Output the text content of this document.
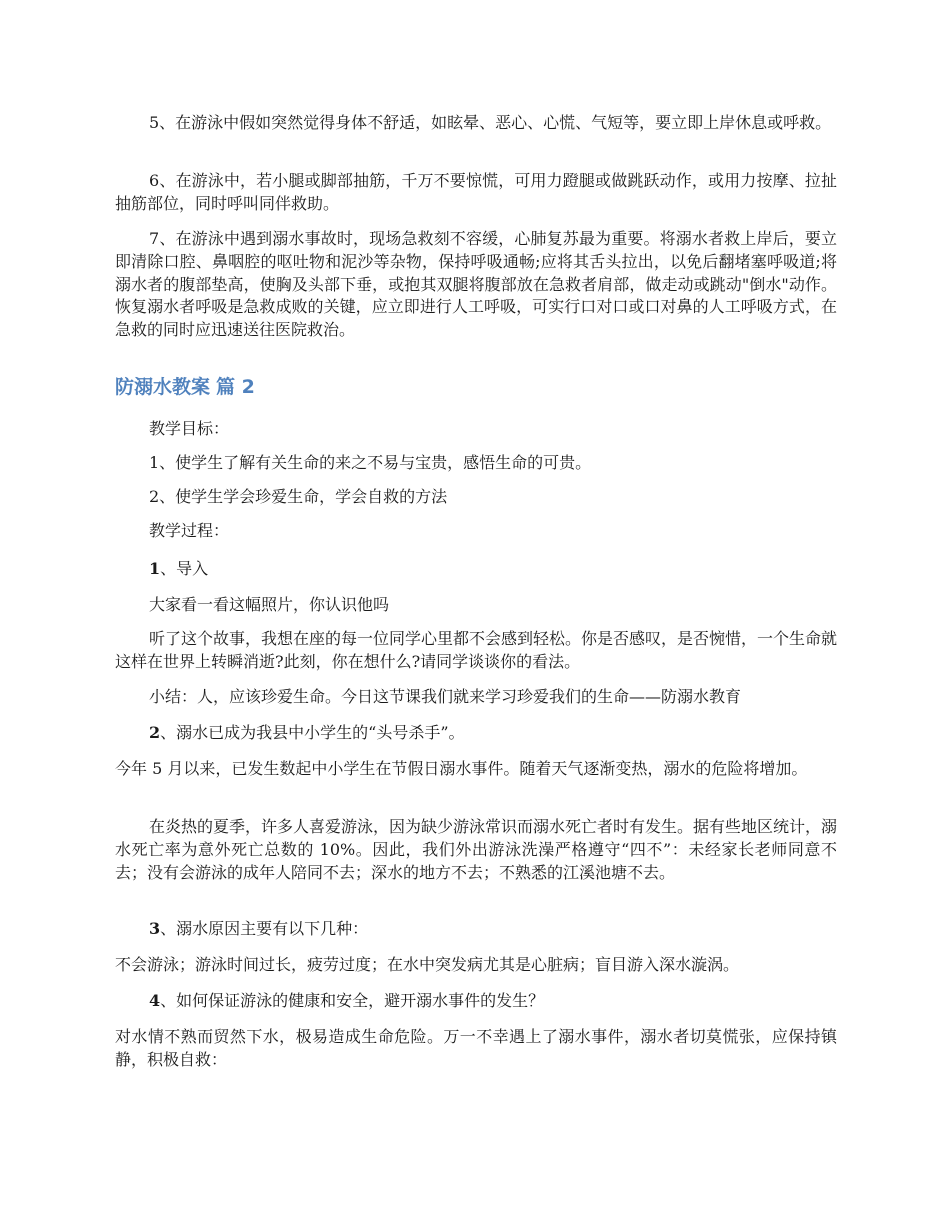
5、在游泳中假如突然觉得身体不舒适，如眩晕、恶心、心慌、气短等，要立即上岸休息或呼救。

6、在游泳中，若小腿或脚部抽筋，千万不要惊慌，可用力蹬腿或做跳跃动作，或用力按摩、拉扯抽筋部位，同时呼叫同伴救助。

7、在游泳中遇到溺水事故时，现场急救刻不容缓，心肺复苏最为重要。将溺水者救上岸后，要立即清除口腔、鼻咽腔的呕吐物和泥沙等杂物，保持呼吸通畅;应将其舌头拉出，以免后翻堵塞呼吸道;将溺水者的腹部垫高，使胸及头部下垂，或抱其双腿将腹部放在急救者肩部，做走动或跳动"倒水"动作。恢复溺水者呼吸是急救成败的关键，应立即进行人工呼吸，可实行口对口或口对鼻的人工呼吸方式，在急救的同时应迅速送往医院救治。

防溺水教案 篇 2

教学目标：

1、使学生了解有关生命的来之不易与宝贵，感悟生命的可贵。

2、使学生学会珍爱生命，学会自救的方法

教学过程：

1、导入

大家看一看这幅照片，你认识他吗

听了这个故事，我想在座的每一位同学心里都不会感到轻松。你是否感叹，是否惋惜，一个生命就这样在世界上转瞬消逝?此刻，你在想什么?请同学谈谈你的看法。

小结：人，应该珍爱生命。今日这节课我们就来学习珍爱我们的生命——防溺水教育

2、溺水已成为我县中小学生的“头号杀手”。

今年 5 月以来，已发生数起中小学生在节假日溺水事件。随着天气逐渐变热，溺水的危险将增加。

在炎热的夏季，许多人喜爱游泳，因为缺少游泳常识而溺水死亡者时有发生。据有些地区统计，溺水死亡率为意外死亡总数的 10%。因此，我们外出游泳洗澡严格遵守“四不”：未经家长老师同意不去；没有会游泳的成年人陪同不去；深水的地方不去；不熟悉的江溪池塘不去。

3、溺水原因主要有以下几种：

不会游泳；游泳时间过长，疲劳过度；在水中突发病尤其是心脏病；盲目游入深水漩涡。

4、如何保证游泳的健康和安全，避开溺水事件的发生？

对水情不熟而贸然下水，极易造成生命危险。万一不幸遇上了溺水事件，溺水者切莫慌张，应保持镇静，积极自救：
